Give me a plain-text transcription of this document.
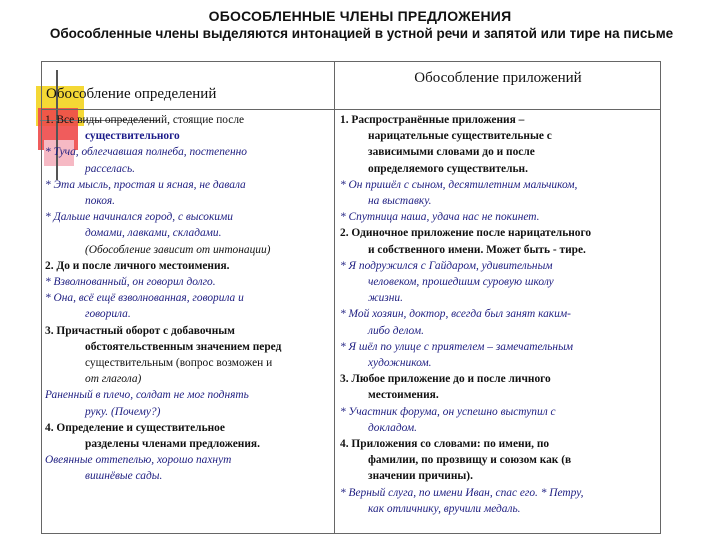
ОБОСОБЛЕННЫЕ ЧЛЕНЫ ПРЕДЛОЖЕНИЯ
Обособленные члены выделяются интонацией в устной речи и запятой или тире на письме
Обособление определений
Обособление приложений
1. Все виды определений, стоящие после
существительного
* Туча, облегчавшая полнеба, постепенно
расселась.
* Эта мысль, простая и ясная, не давала
покоя.
* Дальше начинался город, с высокими
домами, лавками, складами.
(Обособление зависит от интонации)
2. До и после личного местоимения.
* Взволнованный, он говорил долго.
* Она, всё ещё взволнованная, говорила и
говорила.
3. Причастный оборот с добавочным
обстоятельственным значением перед
существительным (вопрос возможен и
от глагола)
Раненный в плечо, солдат не мог поднять
руку. (Почему?)
4. Определение и существительное
разделены членами предложения.
Овеянные оттепелью, хорошо пахнут
вишнёвые сады.
1. Распространённые приложения –
нарицательные существительные с
зависимыми словами до и после
определяемого существительн.
* Он пришёл с сыном, десятилетним мальчиком,
на выставку.
* Спутница наша, удача нас не покинет.
2. Одиночное приложение после нарицательного
и собственного имени. Может быть - тире.
* Я подружился с Гайдаром, удивительным
человеком, прошедшим суровую школу
жизни.
* Мой хозяин, доктор, всегда был занят каким-
либо делом.
* Я шёл по улице с приятелем – замечательным
художником.
3. Любое приложение до и после личного
местоимения.
* Участник форума, он успешно выступил с
докладом.
4. Приложения со словами: по имени, по
фамилии, по прозвищу и союзом как (в
значении причины).
* Верный слуга, по имени Иван, спас его. * Петру,
как отличнику, вручили медаль.
